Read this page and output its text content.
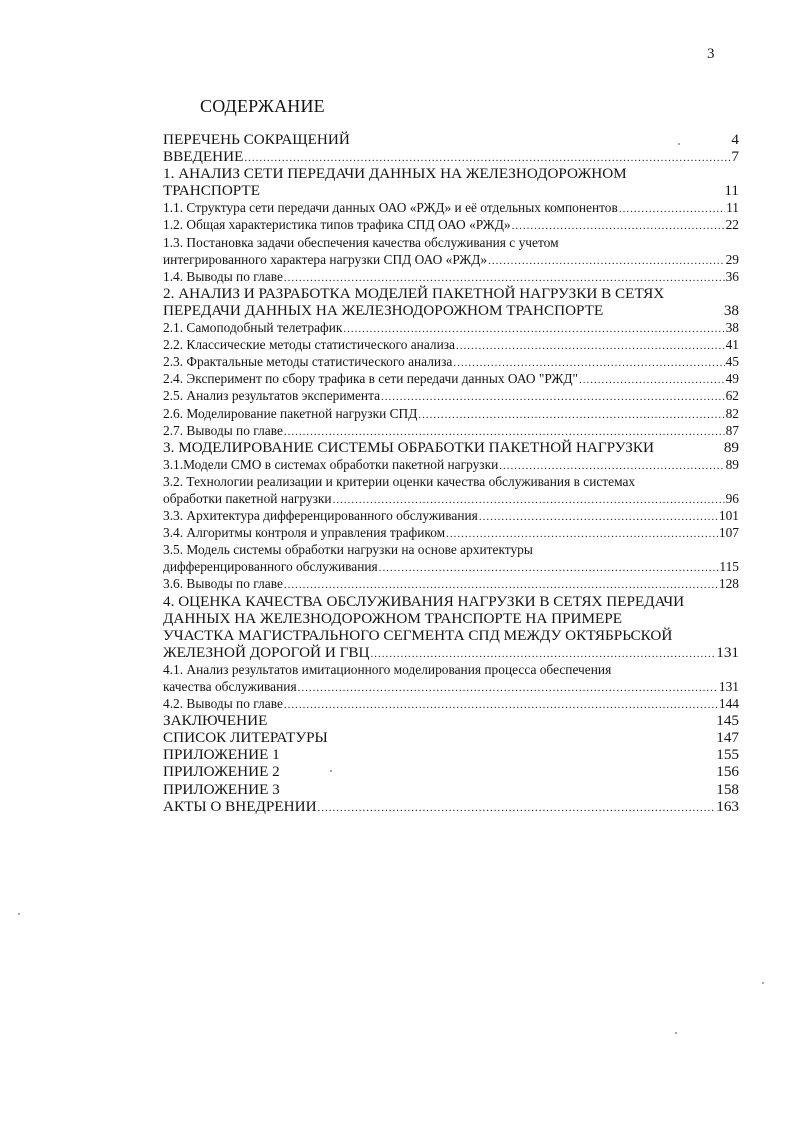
3
СОДЕРЖАНИЕ
ПЕРЕЧЕНЬ СОКРАЩЕНИЙ	4
ВВЕДЕНИЕ .....	7
1. АНАЛИЗ СЕТИ ПЕРЕДАЧИ ДАННЫХ НА ЖЕЛЕЗНОДОРОЖНОМ
ТРАНСПОРТЕ	11
1.1. Структура сети передачи данных ОАО «РЖД» и её отдельных компонентов .....	11
1.2. Общая характеристика типов трафика СПД ОАО «РЖД» .....	22
1.3. Постановка задачи обеспечения качества обслуживания с учетом
интегрированного характера нагрузки СПД ОАО «РЖД» .....	29
1.4. Выводы по главе .....	36
2. АНАЛИЗ И РАЗРАБОТКА МОДЕЛЕЙ ПАКЕТНОЙ НАГРУЗКИ В СЕТЯХ
ПЕРЕДАЧИ ДАННЫХ НА ЖЕЛЕЗНОДОРОЖНОМ ТРАНСПОРТЕ	38
2.1. Самоподобный телетрафик .....	38
2.2. Классические методы статистического анализа .....	41
2.3. Фрактальные методы статистического анализа .....	45
2.4. Эксперимент по сбору трафика в сети передачи данных ОАО "РЖД" .....	49
2.5. Анализ результатов эксперимента .....	62
2.6. Моделирование пакетной нагрузки СПД .....	82
2.7. Выводы по главе .....	87
3. МОДЕЛИРОВАНИЕ СИСТЕМЫ ОБРАБОТКИ ПАКЕТНОЙ НАГРУЗКИ	89
3.1.Модели СМО в системах обработки пакетной нагрузки .....	89
3.2. Технологии реализации и критерии оценки качества обслуживания в системах
обработки пакетной нагрузки .....	96
3.3. Архитектура дифференцированного обслуживания .....	101
3.4. Алгоритмы контроля и управления трафиком .....	107
3.5. Модель системы обработки нагрузки на основе архитектуры
дифференцированного обслуживания .....	115
3.6. Выводы по главе .....	128
4. ОЦЕНКА КАЧЕСТВА ОБСЛУЖИВАНИЯ НАГРУЗКИ В СЕТЯХ ПЕРЕДАЧИ
ДАННЫХ НА ЖЕЛЕЗНОДОРОЖНОМ ТРАНСПОРТЕ НА ПРИМЕРЕ
УЧАСТКА МАГИСТРАЛЬНОГО СЕГМЕНТА СПД МЕЖДУ ОКТЯБРЬСКОЙ
ЖЕЛЕЗНОЙ ДОРОГОЙ И ГВЦ .....	131
4.1. Анализ результатов имитационного моделирования процесса обеспечения
качества обслуживания .....	131
4.2. Выводы по главе .....	144
ЗАКЛЮЧЕНИЕ	145
СПИСОК ЛИТЕРАТУРЫ	147
ПРИЛОЖЕНИЕ 1	155
ПРИЛОЖЕНИЕ 2	156
ПРИЛОЖЕНИЕ 3	158
АКТЫ О ВНЕДРЕНИИ .....	163
